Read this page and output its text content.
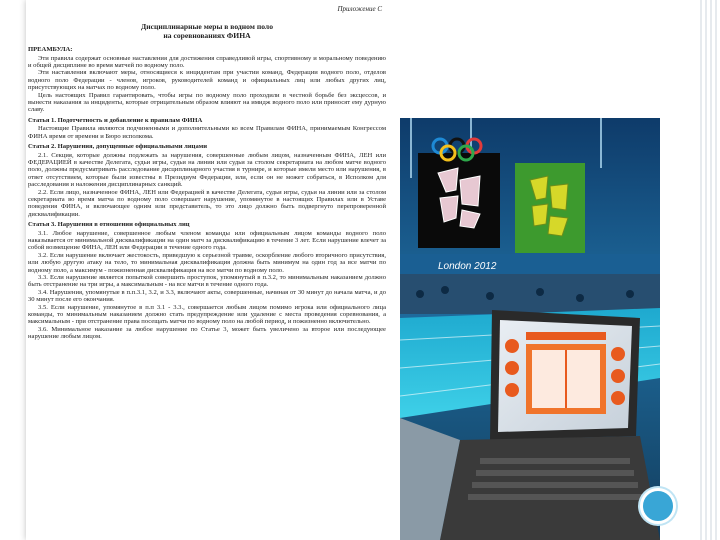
Приложение С
Дисциплинарные меры в водном поло
на соревнованиях ФИНА
ПРЕАМБУЛА:

Эти правила содержат основные наставления для достижения справедливой игры, спортивному и моральному поведению и общей дисциплине во время матчей по водному поло.

Эти наставления включают меры, относящиеся к инцидентам при участии команд, Федерации водного поло, отделов водного поло Федерации - членов, игроков, руководителей команд и официальных лиц или любых других лиц, присутствующих на матчах по водному поло.

Цель настоящих Правил гарантировать, чтобы игры по водному поло проходили в честной борьбе без эксцессов, и вынести наказания за инциденты, которые отрицательным образом влияют на имидж водного поло или приносят ему дурную славу.

Статья 1. Подотчетность и добавление к правилам ФИНА

Настоящие Правила являются подчиненными и дополнительными ко всем Правилам ФИНА, принимаемым Конгрессом ФИНА время от времени и Бюро исполкома.

Статья 2. Нарушения, допущенные официальными лицами

2.1. Секция, которые должны подлежать за нарушения, совершенные любым лицом, назначенным ФИНА, ЛЕН или ФЕДЕРАЦИЕЙ в качестве Делегата, судьи игры, судьи на линии или судьи за столом секретариата на любом матче водного поло, должны предусматривать расследование дисциплинарного участия в турнире, и которые имели место или нарушения, в ответ отсутствием, которые были известны в Президиум Федерации, или, если он не может собраться, в Исполком для расследования и наложения дисциплинарных санкций.

2.2. Если лицо, назначенное ФИНА, ЛЕН или Федерацией в качестве Делегата, судьи игры, судьи на линии или за столом секретариата во время матча по водному поло совершает нарушение, упомянутое в настоящих Правилах или в Уставе поведения ФИНА, и включающее одним или представитель, то это лицо должно быть подвергнуто перепроверенной дисквалификации.

Статья 3. Нарушения в отношении официальных лиц

3.1. Любое нарушение, совершенное любым членом команды или официальным лицом команды водного поло наказывается от минимальной дисквалификации на один матч за дисквалификацию в течение 3 лет. Если нарушение влечет за собой возмещение ФИНА, ЛЕН или Федерации в течение одного года.

3.2. Если нарушение включает жестокость, приведшую к серьезной травме, оскорбление любого вторичного присутствия, или любую другую атаку на тело, то минимальная дисквалификация должна быть минимум на один год за все матчи по водному поло, а максимум - пожизненная дисквалификация на все матчи по водному поло.

3.3. Если нарушение является попыткой совершить проступок, упомянутый в п.3.2, то минимальным наказанием должно быть отстранение на три игры, а максимальным - на все матчи в течение одного года.

3.4. Нарушения, упомянутые в п.п.3.1, 3.2, и 3.3, включают акты, совершенные, начиная от 30 минут до начала матча, и до 30 минут после его окончания.

3.5. Если нарушение, упомянутое в п.п 3.1 - 3.3., совершается любым лицом помимо игрока или официального лица команды, то минимальным наказанием должно стать предупреждение или удаление с места проведения соревнования, а максимальным - при отстранение права посещать матчи по водному поло на любой период, и пожизненно включительно.

3.6. Минимальное наказание за любое нарушение по Статье 3, может быть увеличено за второе или последующее нарушение любым лицом.

London 2012
